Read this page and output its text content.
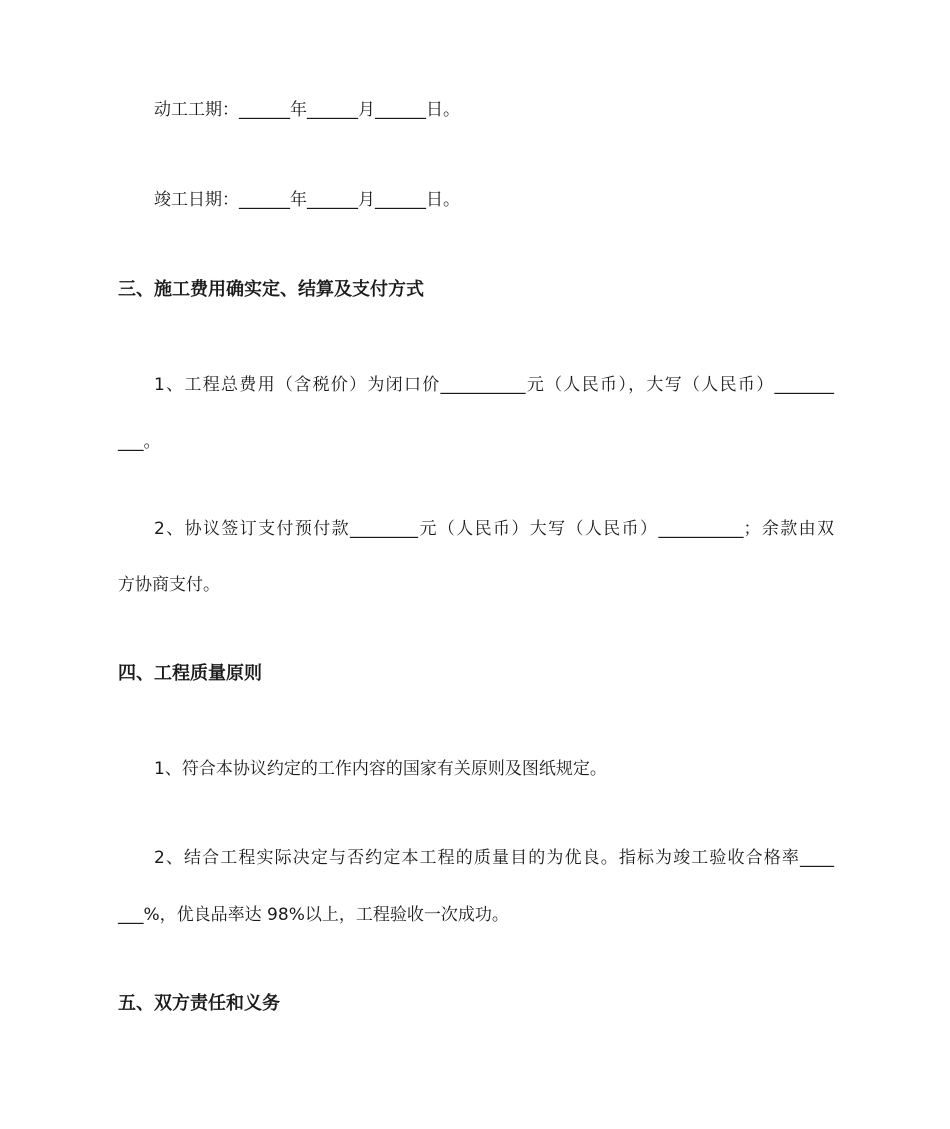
动工工期：______年______月______日。
竣工日期：______年______月______日。
三、施工费用确实定、结算及支付方式
1、工程总费用（含税价）为闭口价__________元（人民币），大写（人民币）_______
___。
2、协议签订支付预付款________元（人民币）大写（人民币）__________；余款由双
方协商支付。
四、工程质量原则
1、符合本协议约定的工作内容的国家有关原则及图纸规定。
2、结合工程实际决定与否约定本工程的质量目的为优良。指标为竣工验收合格率____
___%，优良品率达 98%以上，工程验收一次成功。
五、双方责任和义务
